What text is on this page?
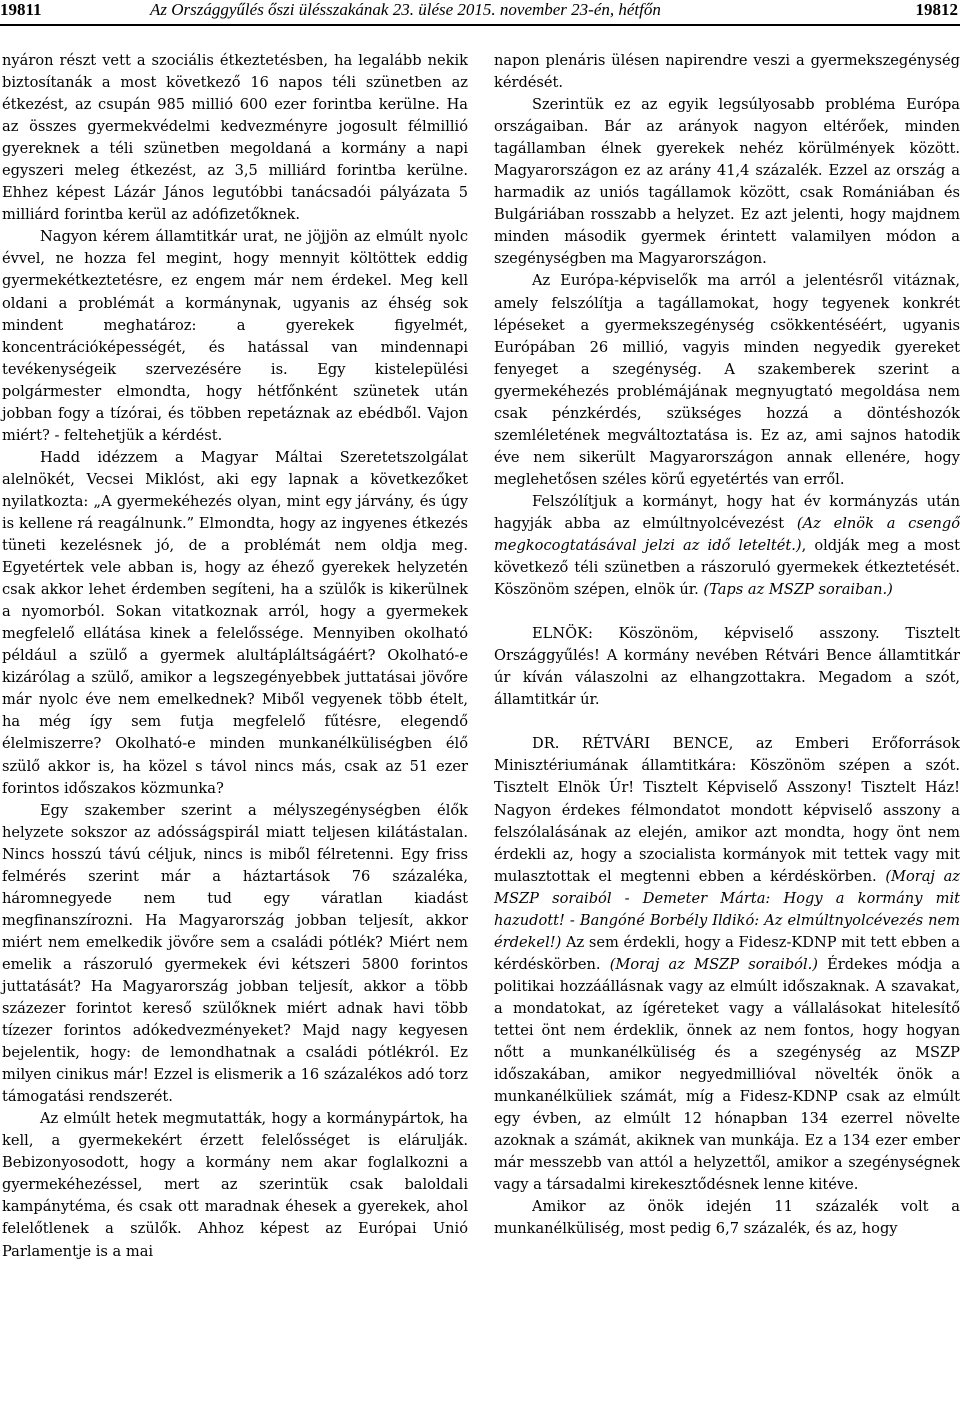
19811	Az Országgyűlés őszi ülésszakának 23. ülése 2015. november 23-én, hétfőn	19812

nyáron részt vett a szociális étkeztetésben, ha legalább nekik biztosítanák a most következő 16 napos téli szünetben az étkezést, az csupán 985 millió 600 ezer forintba kerülne. Ha az összes gyermekvédelmi kedvezményre jogosult félmillió gyereknek a téli szünetben megoldaná a kormány a napi egyszeri meleg étkezést, az 3,5 milliárd forintba kerülne. Ehhez képest Lázár János legutóbbi tanácsadói pályázata 5 milliárd forintba kerül az adófizetőknek.

Nagyon kérem államtitkár urat, ne jöjjön az elmúlt nyolc évvel, ne hozza fel megint, hogy mennyit költöttek eddig gyermekétkeztetésre, ez engem már nem érdekel. Meg kell oldani a problémát a kormánynak, ugyanis az éhség sok mindent meghatároz: a gyerekek figyelmét, koncentrációképességét, és hatással van mindennapi tevékenységeik szervezésére is. Egy kistelepülési polgármester elmondta, hogy hétfőnként szünetek után jobban fogy a tízórai, és többen repetáznak az ebédből. Vajon miért? - feltehetjük a kérdést.

Hadd idézzem a Magyar Máltai Szeretetszolgálat alelnökét, Vecsei Miklóst, aki egy lapnak a következőket nyilatkozta: „A gyermekéhezés olyan, mint egy járvány, és úgy is kellene rá reagálnunk.” Elmondta, hogy az ingyenes étkezés tüneti kezelésnek jó, de a problémát nem oldja meg. Egyetértek vele abban is, hogy az éhező gyerekek helyzetén csak akkor lehet érdemben segíteni, ha a szülők is kikerülnek a nyomorból. Sokan vitatkoznak arról, hogy a gyermekek megfelelő ellátása kinek a felelőssége. Mennyiben okolható például a szülő a gyermek alultápláltságáért? Okolható-e kizárólag a szülő, amikor a legszegényebbek juttatásai jövőre már nyolc éve nem emelkednek? Miből vegyenek több ételt, ha még így sem futja megfelelő fűtésre, elegendő élelmiszerre? Okolható-e minden munkanélküliségben élő szülő akkor is, ha közel s távol nincs más, csak az 51 ezer forintos időszakos közmunka?

Egy szakember szerint a mélyszegénységben élők helyzete sokszor az adósságspirál miatt teljesen kilátástalan. Nincs hosszú távú céljuk, nincs is miből félretenni. Egy friss felmérés szerint már a háztartások 76 százaléka, háromnegyede nem tud egy váratlan kiadást megfinanszírozni. Ha Magyarország jobban teljesít, akkor miért nem emelkedik jövőre sem a családi pótlék? Miért nem emelik a rászoruló gyermekek évi kétszeri 5800 forintos juttatását? Ha Magyarország jobban teljesít, akkor a több százezer forintot kereső szülőknek miért adnak havi több tízezer forintos adókedvezményeket? Majd nagy kegyesen bejelentik, hogy: de lemondhatnak a családi pótlékról. Ez milyen cinikus már! Ezzel is elismerik a 16 százalékos adó torz támogatási rendszerét.

Az elmúlt hetek megmutatták, hogy a kormánypártok, ha kell, a gyermekekért érzett felelősséget is elárulják. Bebizonyosodott, hogy a kormány nem akar foglalkozni a gyermekéhezéssel, mert az szerintük csak baloldali kampánytéma, és csak ott maradnak éhesek a gyerekek, ahol felelőtlenek a szülők. Ahhoz képest az Európai Unió Parlamentje is a mai

napon plenáris ülésen napirendre veszi a gyermekszegénység kérdését.

Szerintük ez az egyik legsúlyosabb probléma Európa országaiban. Bár az arányok nagyon eltérőek, minden tagállamban élnek gyerekek nehéz körülmények között. Magyarországon ez az arány 41,4 százalék. Ezzel az ország a harmadik az uniós tagállamok között, csak Romániában és Bulgáriában rosszabb a helyzet. Ez azt jelenti, hogy majdnem minden második gyermek érintett valamilyen módon a szegénységben ma Magyarországon.

Az Európa-képviselők ma arról a jelentésről vitáznak, amely felszólítja a tagállamokat, hogy tegyenek konkrét lépéseket a gyermekszegénység csökkentéséért, ugyanis Európában 26 millió, vagyis minden negyedik gyereket fenyeget a szegénység. A szakemberek szerint a gyermekéhezés problémájának megnyugtató megoldása nem csak pénzkérdés, szükséges hozzá a döntéshozók szemléletének megváltoztatása is. Ez az, ami sajnos hatodik éve nem sikerült Magyarországon annak ellenére, hogy meglehetősen széles körű egyetértés van erről.

Felszólítjuk a kormányt, hogy hat év kormányzás után hagyják abba az elmúltnyolcévezést (Az elnök a csengő megkocogtatásával jelzi az idő leteltét.), oldják meg a most következő téli szünetben a rászoruló gyermekek étkeztetését. Köszönöm szépen, elnök úr. (Taps az MSZP soraiban.)

ELNÖK: Köszönöm, képviselő asszony. Tisztelt Országgyűlés! A kormány nevében Rétvári Bence államtitkár úr kíván válaszolni az elhangzottakra. Megadom a szót, államtitkár úr.

DR. RÉTVÁRI BENCE, az Emberi Erőforrások Minisztériumának államtitkára: Köszönöm szépen a szót. Tisztelt Elnök Úr! Tisztelt Képviselő Asszony! Tisztelt Ház! Nagyon érdekes félmondatot mondott képviselő asszony a felszólalásának az elején, amikor azt mondta, hogy önt nem érdekli az, hogy a szocialista kormányok mit tettek vagy mit mulasztottak el megtenni ebben a kérdéskörben. (Moraj az MSZP soraiból - Demeter Márta: Hogy a kormány mit hazudott! - Bangóné Borbély Ildikó: Az elmúltnyolcévezés nem érdekel!) Az sem érdekli, hogy a Fidesz-KDNP mit tett ebben a kérdéskörben. (Moraj az MSZP soraiból.) Érdekes módja a politikai hozzáállásnak vagy az elmúlt időszaknak. A szavakat, a mondatokat, az ígéreteket vagy a vállalásokat hitelesítő tettei önt nem érdeklik, önnek az nem fontos, hogy hogyan nőtt a munkanélküliség és a szegénység az MSZP időszakában, amikor negyedmillióval növelték önök a munkanélküliek számát, míg a Fidesz-KDNP csak az elmúlt egy évben, az elmúlt 12 hónapban 134 ezerrel növelte azoknak a számát, akiknek van munkája. Ez a 134 ezer ember már messzebb van attól a helyzettől, amikor a szegénységnek vagy a társadalmi kirekesztődésnek lenne kitéve.

Amikor az önök idején 11 százalék volt a munkanélküliség, most pedig 6,7 százalék, és az, hogy
